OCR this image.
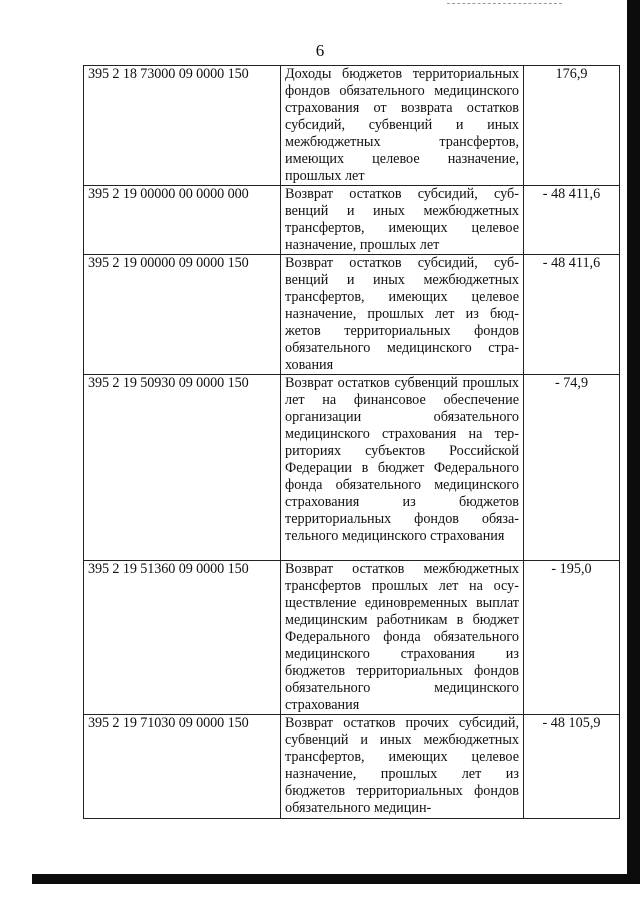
6
395 2 18 73000 09 0000 150	Доходы бюджетов территориальных фондов обязательного медицинского страхования от возврата остатков субсидий, субвенций и иных межбюджетных трансфертов, имеющих целевое назначение, прошлых лет	176,9
395 2 19 00000 00 0000 000	Возврат остатков субсидий, субвенций и иных межбюджетных трансфертов, имеющих целевое назначение, прошлых лет	- 48 411,6
395 2 19 00000 09 0000 150	Возврат остатков субсидий, субвенций и иных межбюджетных трансфертов, имеющих целевое назначение, прошлых лет из бюджетов территориальных фондов обязательного медицинского страхования	- 48 411,6
395 2 19 50930 09 0000 150	Возврат остатков субвенций прошлых лет на финансовое обеспечение организации обязательного медицинского страхования на территориях субъектов Российской Федерации в бюджет Федерального фонда обязательного медицинского страхования из бюджетов территориальных фондов обязательного медицинского страхования	- 74,9
395 2 19 51360 09 0000 150	Возврат остатков межбюджетных трансфертов прошлых лет на осуществление единовременных выплат медицинским работникам в бюджет Федерального фонда обязательного медицинского страхования из бюджетов территориальных фондов обязательного медицинского страхования	- 195,0
395 2 19 71030 09 0000 150	Возврат остатков прочих субсидий, субвенций и иных межбюджетных трансфертов, имеющих целевое назначение, прошлых лет из бюджетов территориальных фондов обязательного медицин-	- 48 105,9
